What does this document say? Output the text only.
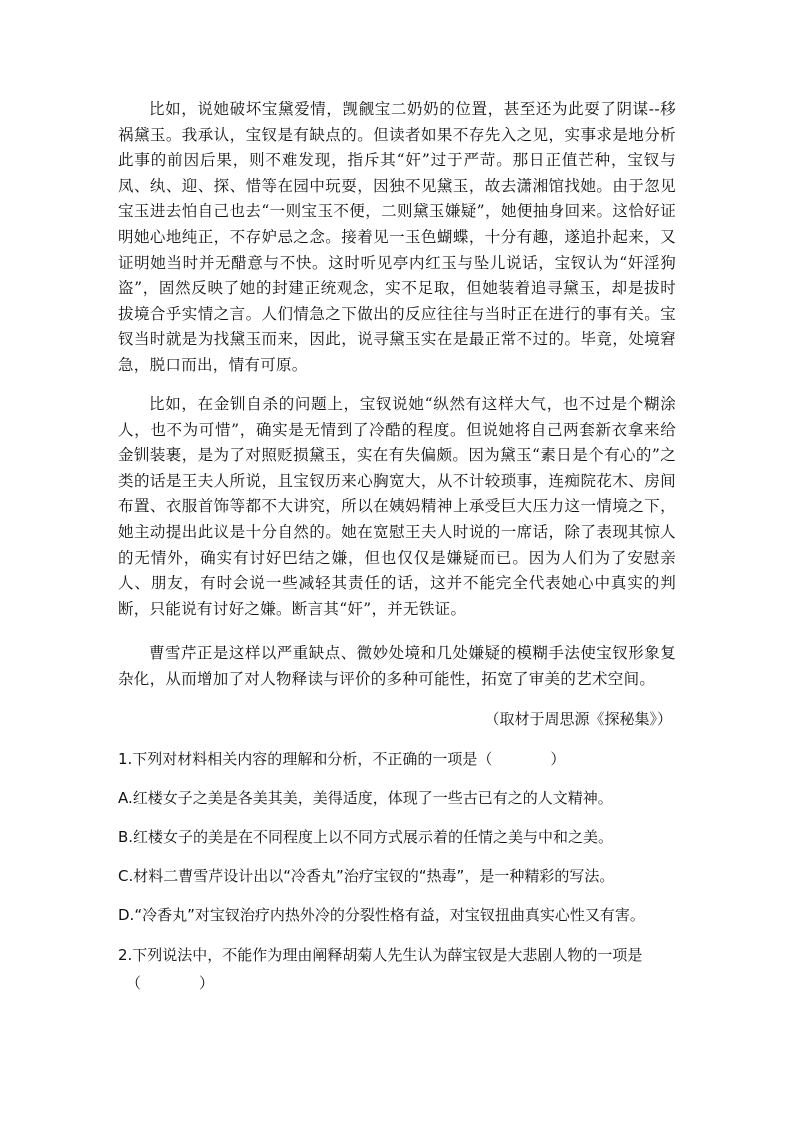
比如，说她破坏宝黛爱情，觊觎宝二奶奶的位置，甚至还为此耍了阴谋--移祸黛玉。我承认，宝钗是有缺点的。但读者如果不存先入之见，实事求是地分析此事的前因后果，则不难发现，指斥其“奸”过于严苛。那日正值芒种，宝钗与凤、纨、迎、探、惜等在园中玩耍，因独不见黛玉，故去潇湘馆找她。由于忽见宝玉进去怕自己也去“一则宝玉不便，二则黛玉嫌疑”，她便抽身回来。这恰好证明她心地纯正，不存妒忌之念。接着见一玉色蝴蝶，十分有趣，遂追扑起来，又证明她当时并无醋意与不快。这时听见亭内红玉与坠儿说话，宝钗认为“奸淫狗盗”，固然反映了她的封建正统观念，实不足取，但她装着追寻黛玉，却是拔时拔境合乎实情之言。人们情急之下做出的反应往往与当时正在进行的事有关。宝钗当时就是为找黛玉而来，因此，说寻黛玉实在是最正常不过的。毕竟，处境窘急，脱口而出，情有可原。

比如，在金钏自杀的问题上，宝钗说她“纵然有这样大气，也不过是个糊涂人，也不为可惜”，确实是无情到了冷酷的程度。但说她将自己两套新衣拿来给金钏装裹，是为了对照贬损黛玉，实在有失偏颇。因为黛玉“素日是个有心的”之类的话是王夫人所说，且宝钗历来心胸宽大，从不计较琐事，连痴院花木、房间布置、衣服首饰等都不大讲究，所以在姨妈精神上承受巨大压力这一情境之下，她主动提出此议是十分自然的。她在宽慰王夫人时说的一席话，除了表现其惊人的无情外，确实有讨好巴结之嫌，但也仅仅是嫌疑而已。因为人们为了安慰亲人、朋友，有时会说一些减轻其责任的话，这并不能完全代表她心中真实的判断，只能说有讨好之嫌。断言其“奸”，并无铁证。

曹雪芹正是这样以严重缺点、微妙处境和几处嫌疑的模糊手法使宝钗形象复杂化，从而增加了对人物释读与评价的多种可能性，拓宽了审美的艺术空间。

（取材于周思源《探秘集》）
1.下列对材料相关内容的理解和分析，不正确的一项是（	）
A.红楼女子之美是各美其美，美得适度，体现了一些古已有之的人文精神。
B.红楼女子的美是在不同程度上以不同方式展示着的任情之美与中和之美。
C.材料二曹雪芹设计出以“冷香丸”治疗宝钗的“热毒”，是一种精彩的写法。
D.“冷香丸”对宝钗治疗内热外冷的分裂性格有益，对宝钗扭曲真实心性又有害。
2.下列说法中，不能作为理由阐释胡菊人先生认为薛宝钗是大悲剧人物的一项是
（	）
